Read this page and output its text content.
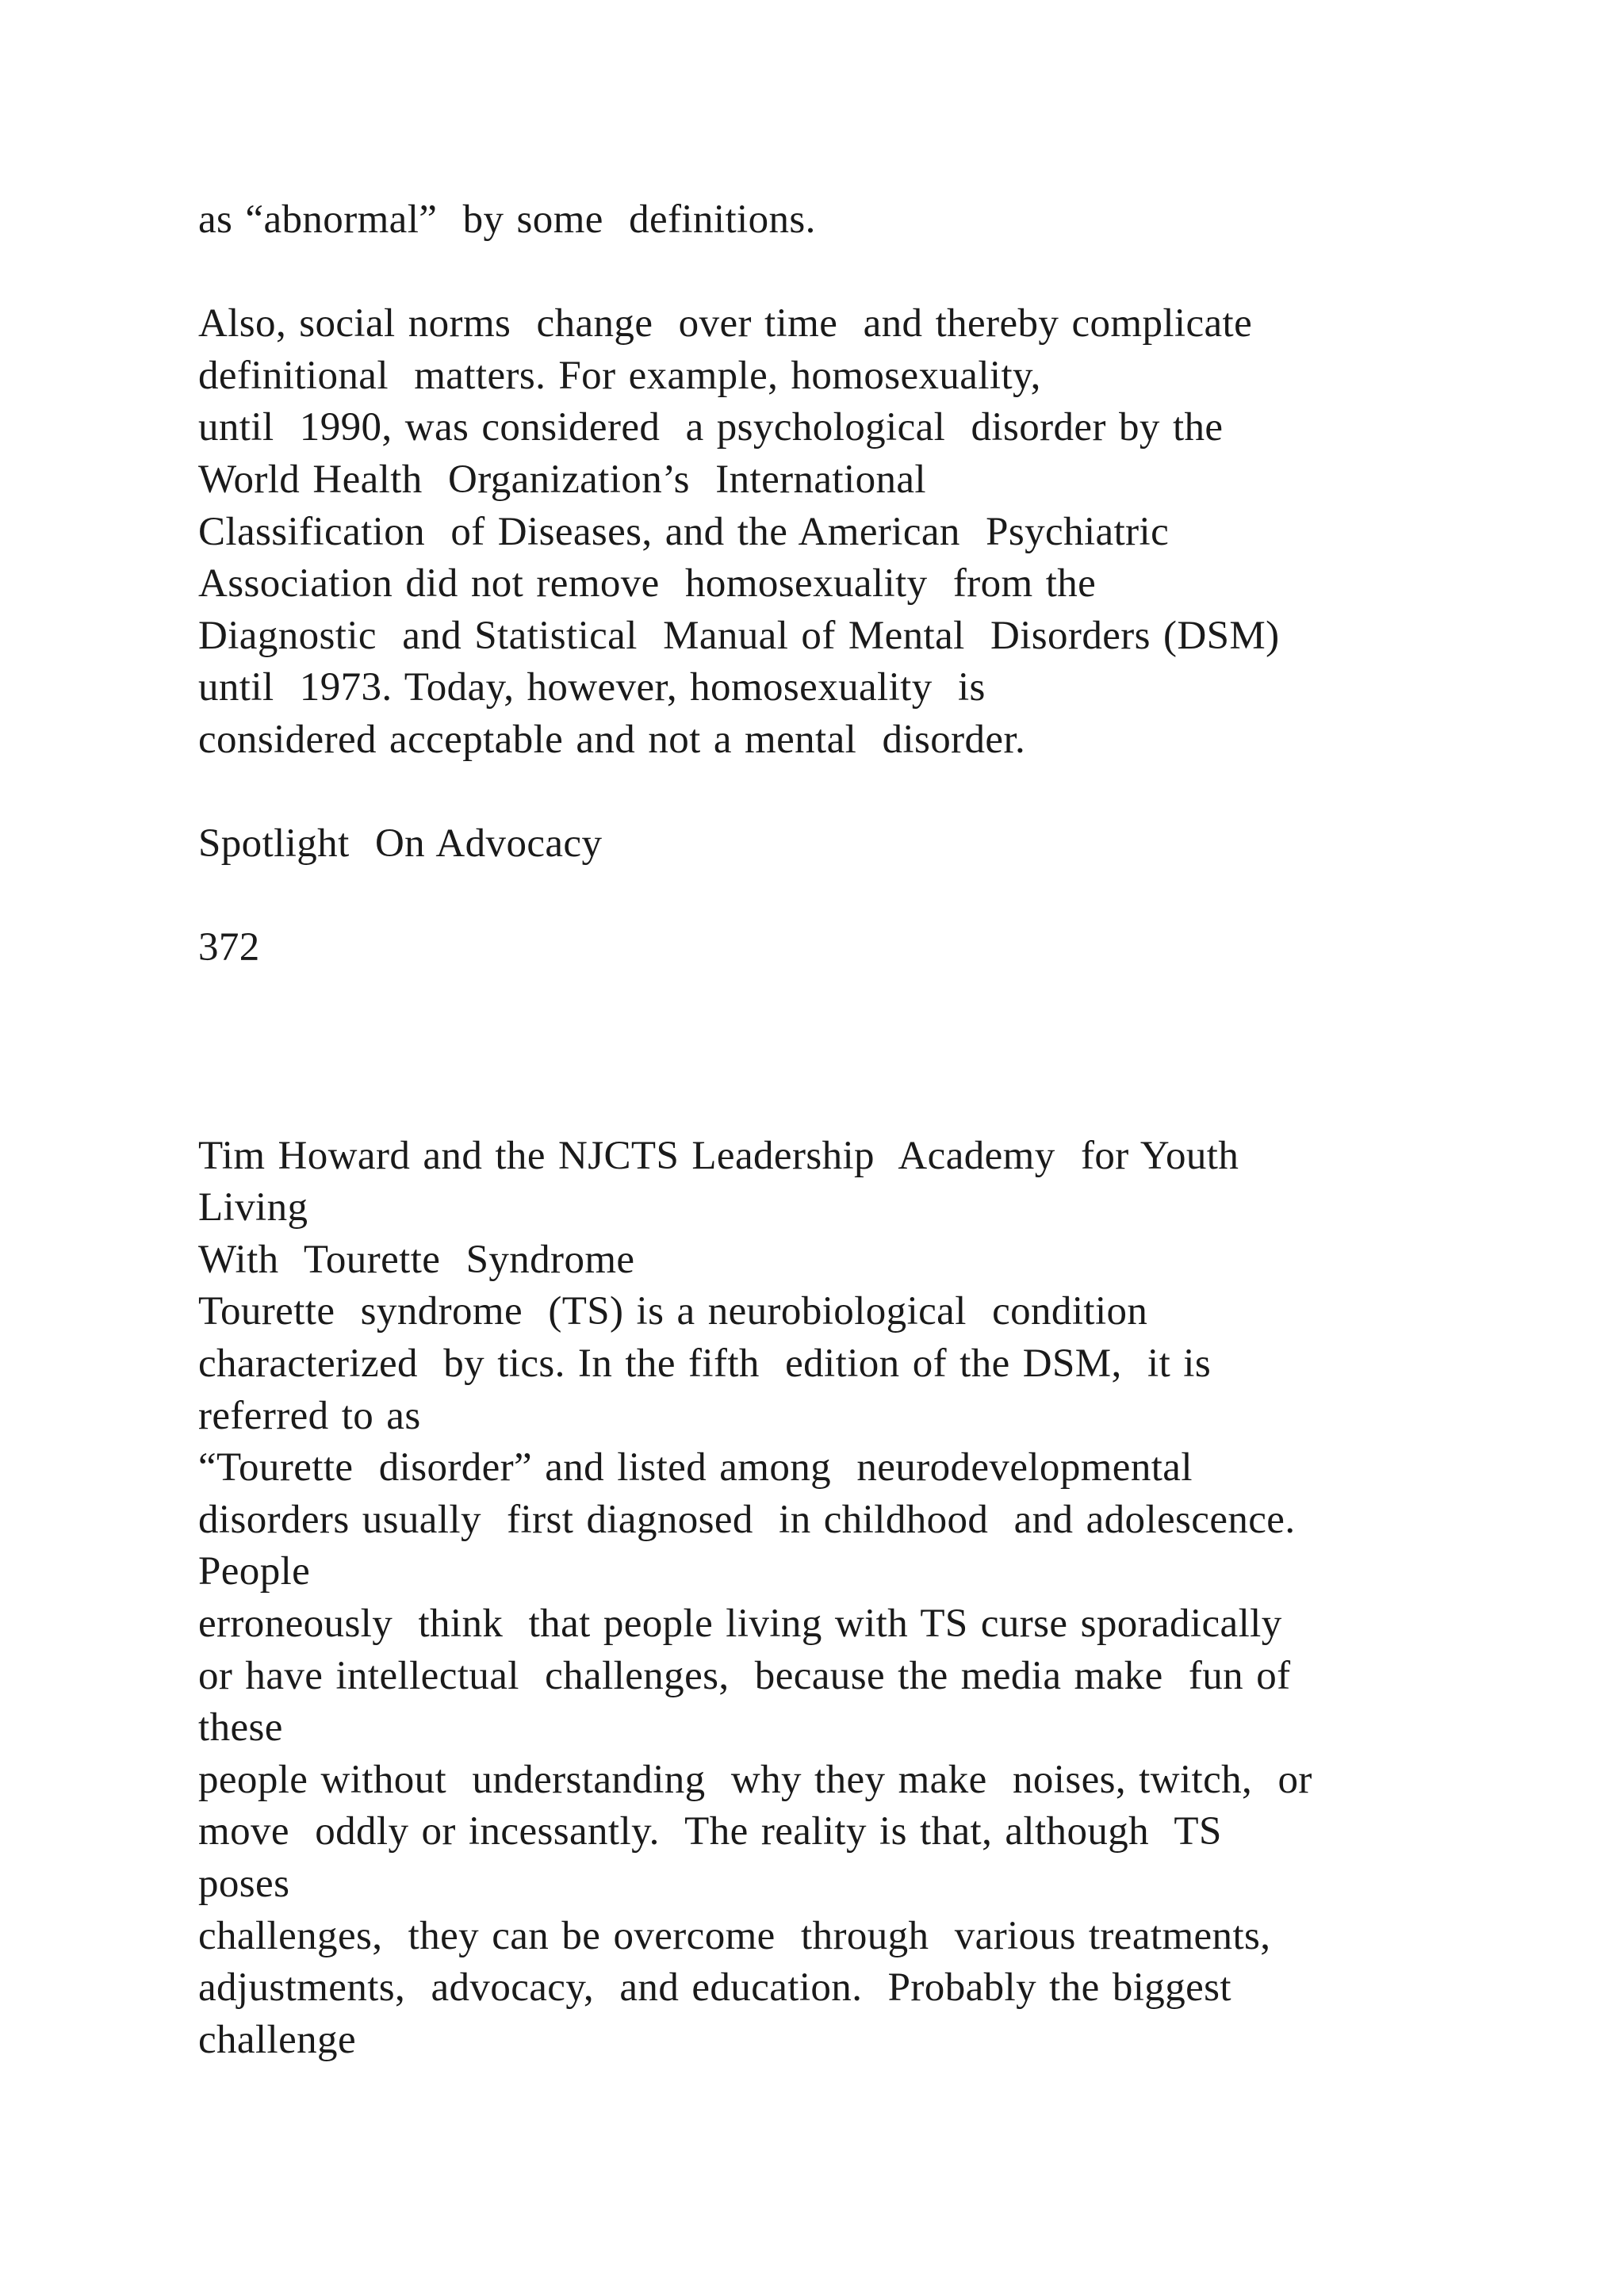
as “abnormal”  by some  definitions.
Also, social norms  change  over time  and thereby complicate
definitional  matters. For example, homosexuality,
until  1990, was considered  a psychological  disorder by the
World Health  Organization’s  International
Classification  of Diseases, and the American  Psychiatric
Association did not remove  homosexuality  from the
Diagnostic  and Statistical  Manual of Mental  Disorders (DSM)
until  1973. Today, however, homosexuality  is
considered acceptable and not a mental  disorder.
Spotlight  On Advocacy
372
Tim Howard and the NJCTS Leadership  Academy  for Youth
Living
With  Tourette  Syndrome
Tourette  syndrome  (TS) is a neurobiological  condition
characterized  by tics. In the fifth  edition of the DSM,  it is
referred to as
“Tourette  disorder” and listed among  neurodevelopmental
disorders usually  first diagnosed  in childhood  and adolescence.
People
erroneously  think  that people living with TS curse sporadically
or have intellectual  challenges,  because the media make  fun of
these
people without  understanding  why they make  noises, twitch,  or
move  oddly or incessantly.  The reality is that, although  TS
poses
challenges,  they can be overcome  through  various treatments,
adjustments,  advocacy,  and education.  Probably the biggest
challenge
